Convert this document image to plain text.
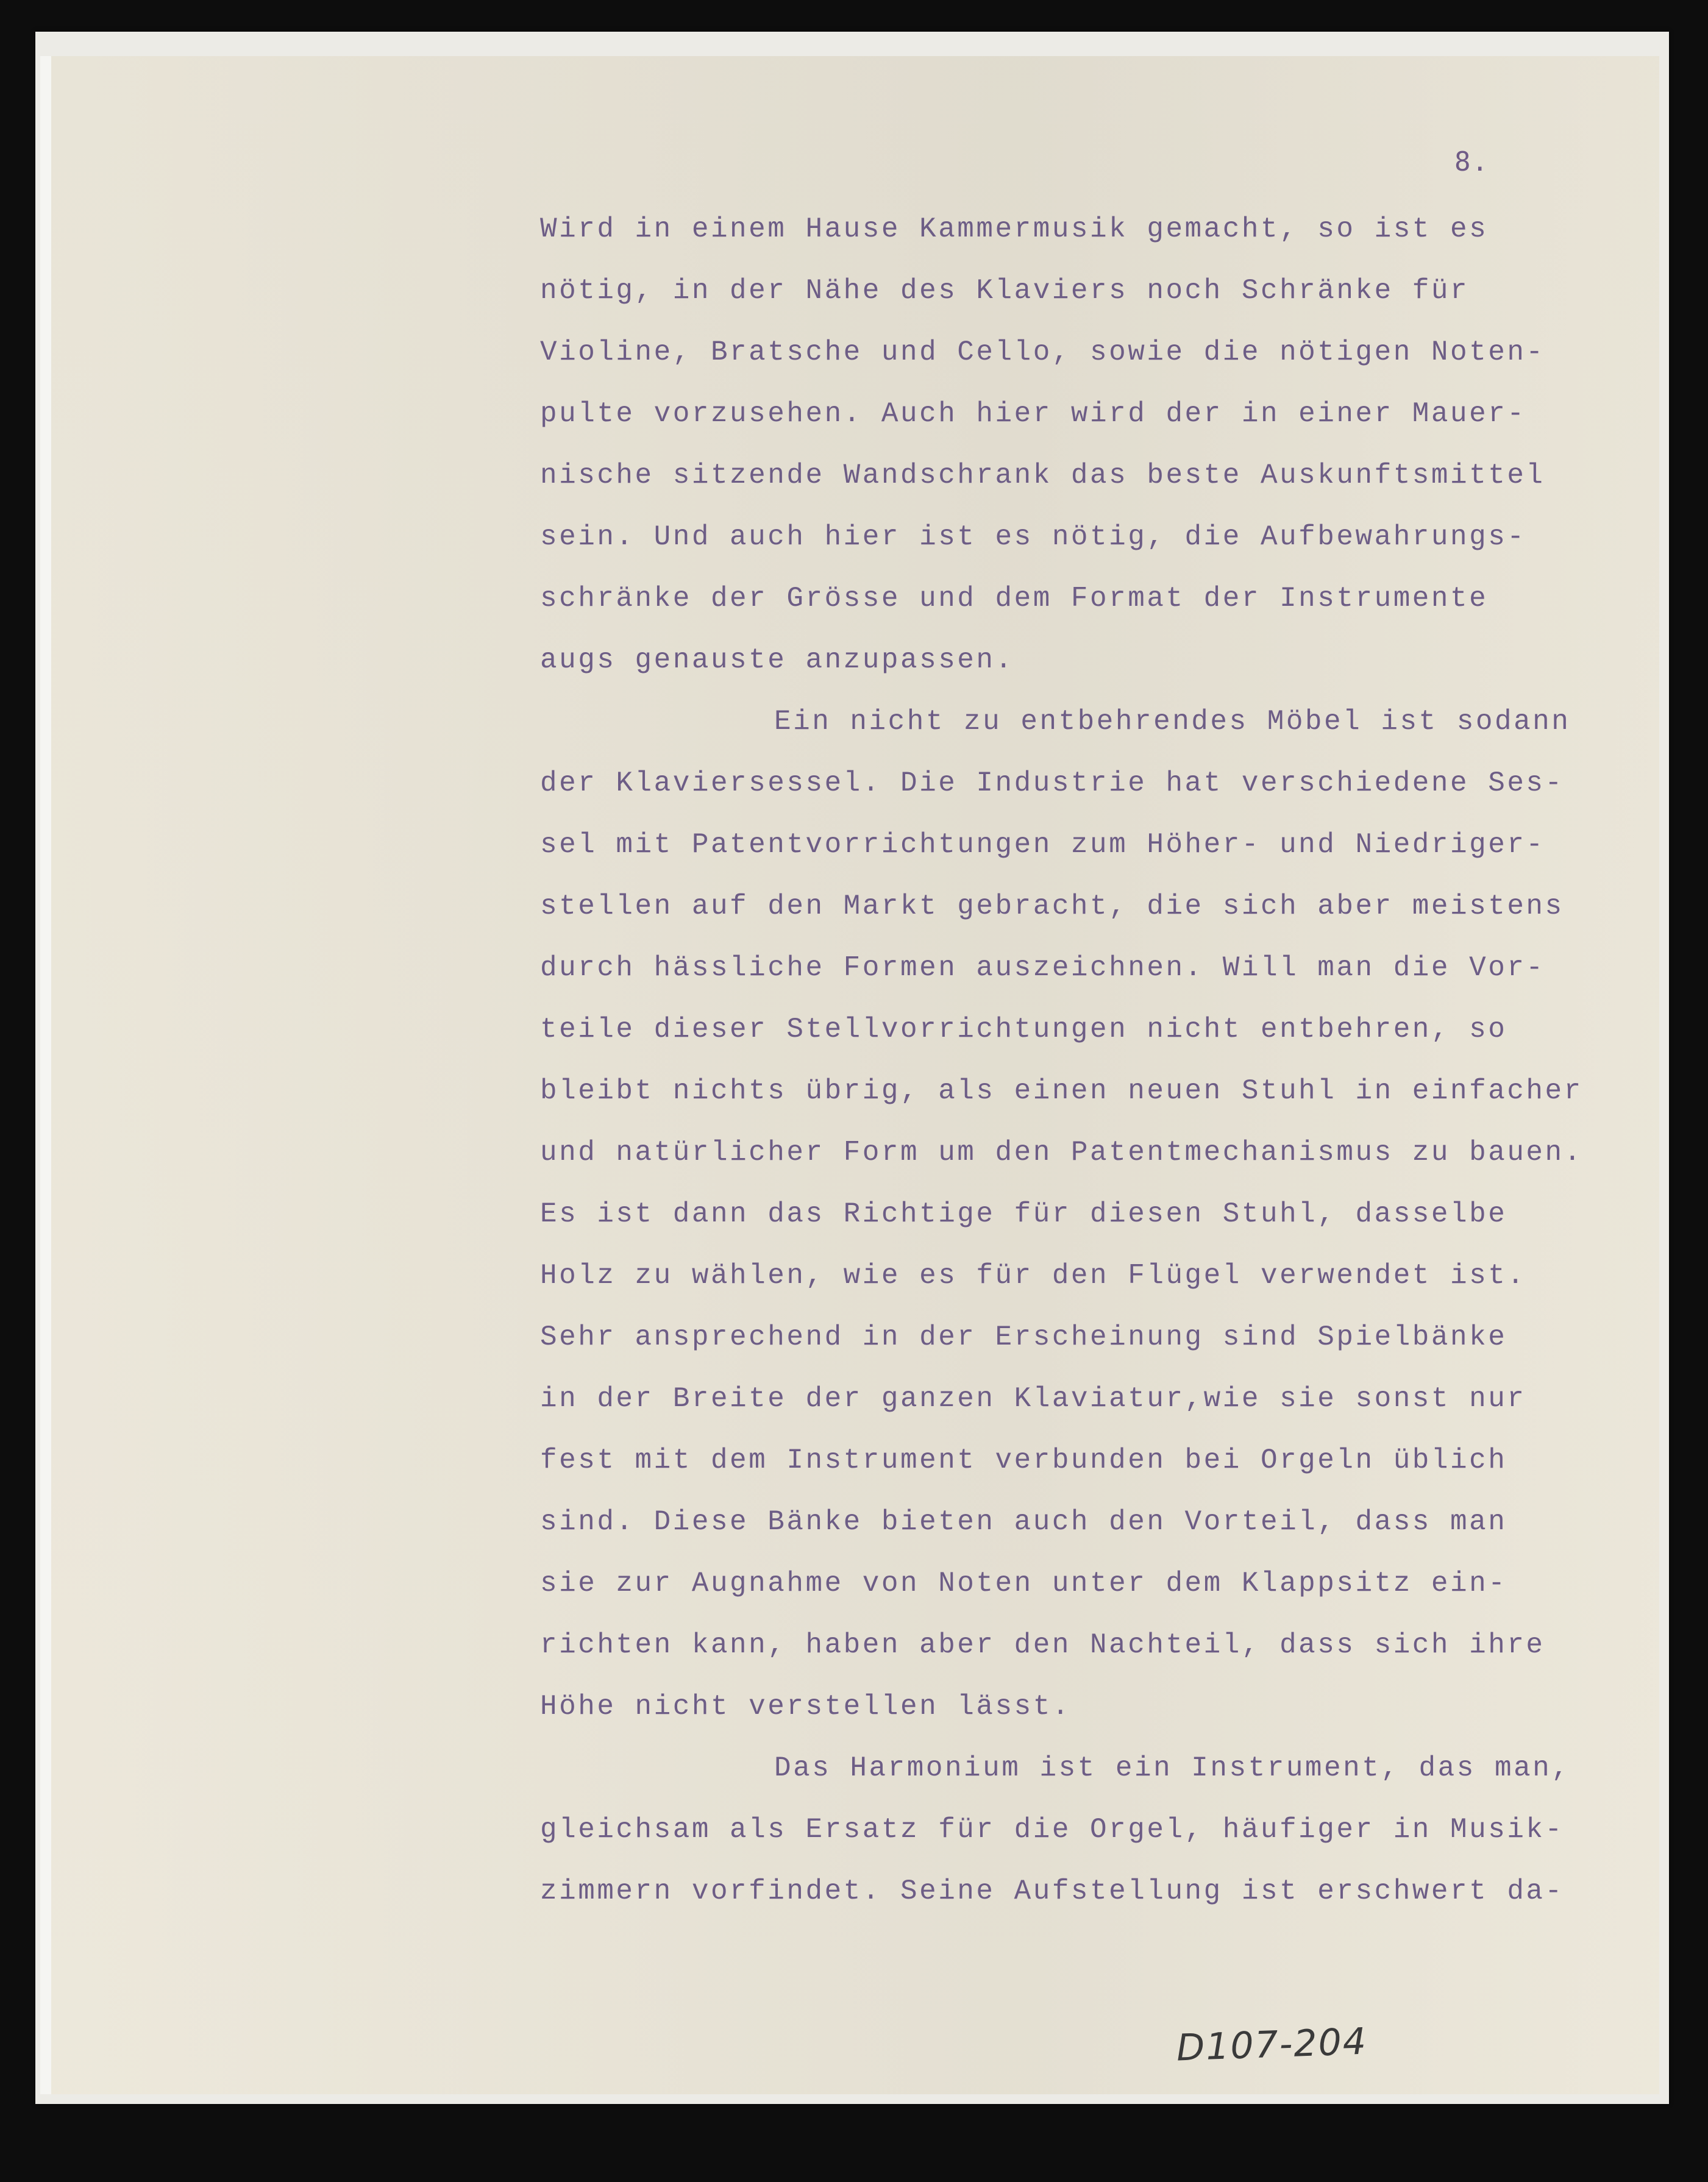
8.
Wird in einem Hause Kammermusik gemacht, so ist es
nötig, in der Nähe des Klaviers noch Schränke für
Violine, Bratsche und Cello, sowie die nötigen Noten-
pulte vorzusehen. Auch hier wird der in einer Mauer-
nische sitzende Wandschrank das beste Auskunftsmittel
sein. Und auch hier ist es nötig, die Aufbewahrungs-
schränke der Grösse und dem Format der Instrumente
augs genauste anzupassen.
Ein nicht zu entbehrendes Möbel ist sodann
der Klaviersessel. Die Industrie hat verschiedene Ses-
sel mit Patentvorrichtungen zum Höher- und Niedriger-
stellen auf den Markt gebracht, die sich aber meistens
durch hässliche Formen auszeichnen. Will man die Vor-
teile dieser Stellvorrichtungen nicht entbehren, so
bleibt nichts übrig, als einen neuen Stuhl in einfacher
und natürlicher Form um den Patentmechanismus zu bauen.
Es ist dann das Richtige für diesen Stuhl, dasselbe
Holz zu wählen, wie es für den Flügel verwendet ist.
Sehr ansprechend in der Erscheinung sind Spielbänke
in der Breite der ganzen Klaviatur,wie sie sonst nur
fest mit dem Instrument verbunden bei Orgeln üblich
sind. Diese Bänke bieten auch den Vorteil, dass man
sie zur Augnahme von Noten unter dem Klappsitz ein-
richten kann, haben aber den Nachteil, dass sich ihre
Höhe nicht verstellen lässt.
Das Harmonium ist ein Instrument, das man,
gleichsam als Ersatz für die Orgel, häufiger in Musik-
zimmern vorfindet. Seine Aufstellung ist erschwert da-
D107-204
